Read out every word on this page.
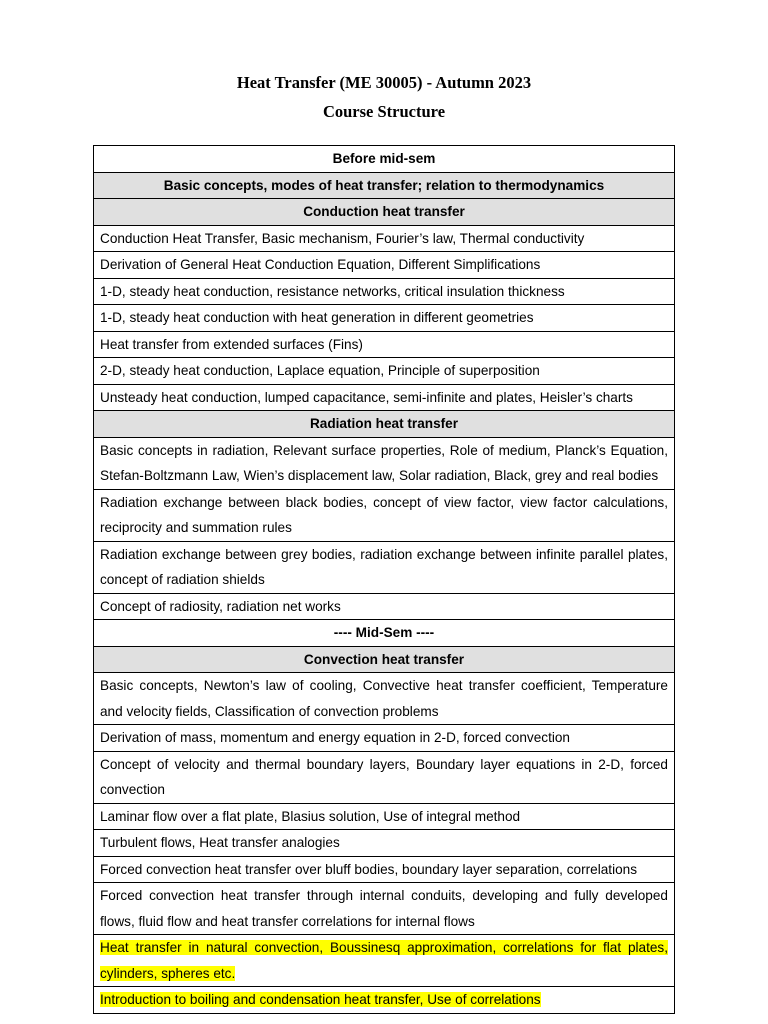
Heat Transfer (ME 30005) - Autumn 2023
Course Structure
Before mid-sem
Basic concepts, modes of heat transfer; relation to thermodynamics
Conduction heat transfer
Conduction Heat Transfer, Basic mechanism, Fourier’s law, Thermal conductivity
Derivation of General Heat Conduction Equation, Different Simplifications
1-D, steady heat conduction, resistance networks, critical insulation thickness
1-D, steady heat conduction with heat generation in different geometries
Heat transfer from extended surfaces (Fins)
2-D, steady heat conduction, Laplace equation, Principle of superposition
Unsteady heat conduction, lumped capacitance, semi-infinite and plates, Heisler’s charts
Radiation heat transfer
Basic concepts in radiation, Relevant surface properties, Role of medium, Planck’s Equation, Stefan-Boltzmann Law, Wien’s displacement law, Solar radiation, Black, grey and real bodies
Radiation exchange between black bodies, concept of view factor, view factor calculations, reciprocity and summation rules
Radiation exchange between grey bodies, radiation exchange between infinite parallel plates, concept of radiation shields
Concept of radiosity, radiation net works
---- Mid-Sem ----
Convection heat transfer
Basic concepts, Newton’s law of cooling, Convective heat transfer coefficient, Temperature and velocity fields, Classification of convection problems
Derivation of mass, momentum and energy equation in 2-D, forced convection
Concept of velocity and thermal boundary layers, Boundary layer equations in 2-D, forced convection
Laminar flow over a flat plate, Blasius solution, Use of integral method
Turbulent flows, Heat transfer analogies
Forced convection heat transfer over bluff bodies, boundary layer separation, correlations
Forced convection heat transfer through internal conduits, developing and fully developed flows, fluid flow and heat transfer correlations for internal flows
Heat transfer in natural convection, Boussinesq approximation, correlations for flat plates, cylinders, spheres etc.
Introduction to boiling and condensation heat transfer, Use of correlations
